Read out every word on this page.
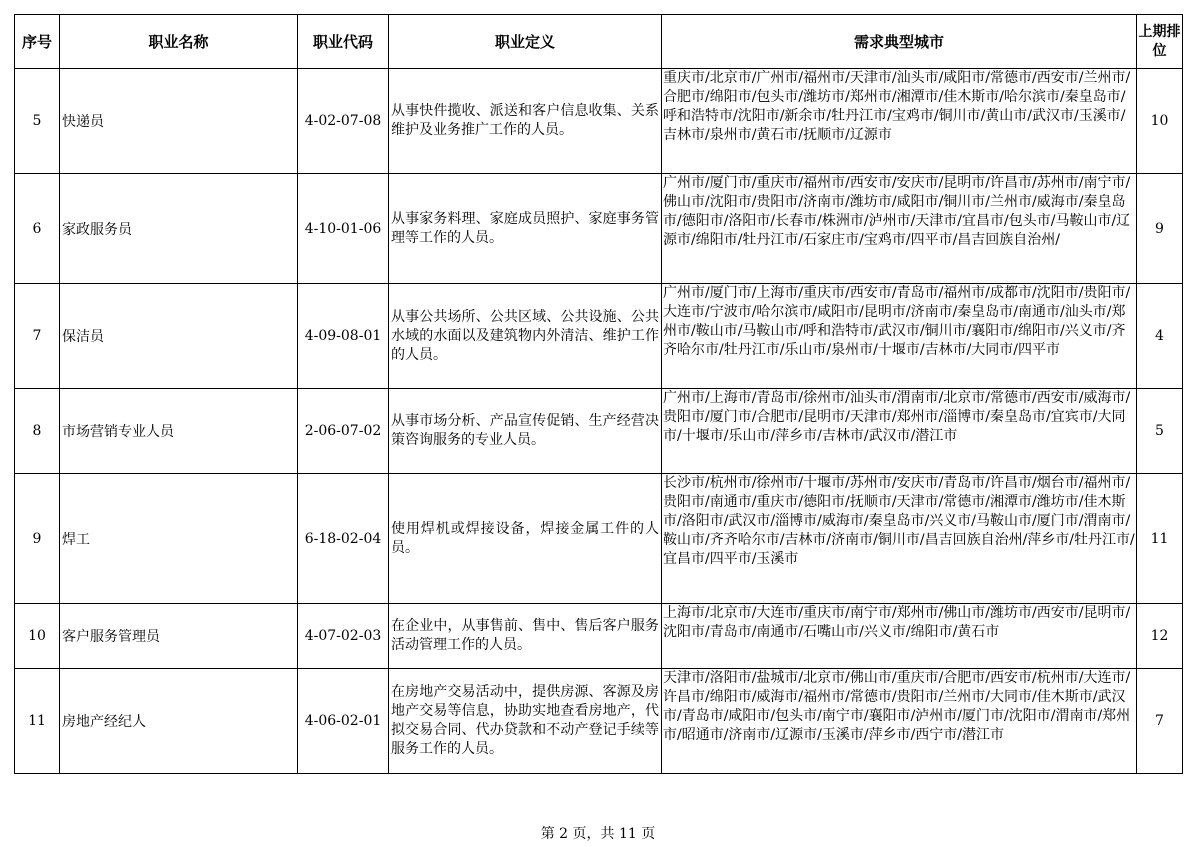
序号	职业名称	职业代码	职业定义	需求典型城市	上期排位
5	快递员	4-02-07-08	从事快件揽收、派送和客户信息收集、关系维护及业务推广工作的人员。	重庆市/北京市/广州市/福州市/天津市/汕头市/咸阳市/常德市/西安市/兰州市/合肥市/绵阳市/包头市/潍坊市/郑州市/湘潭市/佳木斯市/哈尔滨市/秦皇岛市/呼和浩特市/沈阳市/新余市/牡丹江市/宝鸡市/铜川市/黄山市/武汉市/玉溪市/吉林市/泉州市/黄石市/抚顺市/辽源市	10
6	家政服务员	4-10-01-06	从事家务料理、家庭成员照护、家庭事务管理等工作的人员。	广州市/厦门市/重庆市/福州市/西安市/安庆市/昆明市/许昌市/苏州市/南宁市/佛山市/沈阳市/贵阳市/济南市/潍坊市/咸阳市/铜川市/兰州市/威海市/秦皇岛市/德阳市/洛阳市/长春市/株洲市/泸州市/天津市/宜昌市/包头市/马鞍山市/辽源市/绵阳市/牡丹江市/石家庄市/宝鸡市/四平市/昌吉回族自治州/	9
7	保洁员	4-09-08-01	从事公共场所、公共区域、公共设施、公共水域的水面以及建筑物内外清洁、维护工作的人员。	广州市/厦门市/上海市/重庆市/西安市/青岛市/福州市/成都市/沈阳市/贵阳市/大连市/宁波市/哈尔滨市/咸阳市/昆明市/济南市/秦皇岛市/南通市/汕头市/郑州市/鞍山市/马鞍山市/呼和浩特市/武汉市/铜川市/襄阳市/绵阳市/兴义市/齐齐哈尔市/牡丹江市/乐山市/泉州市/十堰市/吉林市/大同市/四平市	4
8	市场营销专业人员	2-06-07-02	从事市场分析、产品宣传促销、生产经营决策咨询服务的专业人员。	广州市/上海市/青岛市/徐州市/汕头市/渭南市/北京市/常德市/西安市/威海市/贵阳市/厦门市/合肥市/昆明市/天津市/郑州市/淄博市/秦皇岛市/宜宾市/大同市/十堰市/乐山市/萍乡市/吉林市/武汉市/潜江市	5
9	焊工	6-18-02-04	使用焊机或焊接设备，焊接金属工件的人员。	长沙市/杭州市/徐州市/十堰市/苏州市/安庆市/青岛市/许昌市/烟台市/福州市/贵阳市/南通市/重庆市/德阳市/抚顺市/天津市/常德市/湘潭市/潍坊市/佳木斯市/洛阳市/武汉市/淄博市/威海市/秦皇岛市/兴义市/马鞍山市/厦门市/渭南市/鞍山市/齐齐哈尔市/吉林市/济南市/铜川市/昌吉回族自治州/萍乡市/牡丹江市/宜昌市/四平市/玉溪市	11
10	客户服务管理员	4-07-02-03	在企业中，从事售前、售中、售后客户服务活动管理工作的人员。	上海市/北京市/大连市/重庆市/南宁市/郑州市/佛山市/潍坊市/西安市/昆明市/沈阳市/青岛市/南通市/石嘴山市/兴义市/绵阳市/黄石市	12
11	房地产经纪人	4-06-02-01	在房地产交易活动中，提供房源、客源及房地产交易等信息，协助实地查看房地产，代拟交易合同、代办贷款和不动产登记手续等服务工作的人员。	天津市/洛阳市/盐城市/北京市/佛山市/重庆市/合肥市/西安市/杭州市/大连市/许昌市/绵阳市/威海市/福州市/常德市/贵阳市/兰州市/大同市/佳木斯市/武汉市/青岛市/咸阳市/包头市/南宁市/襄阳市/泸州市/厦门市/沈阳市/渭南市/郑州市/昭通市/济南市/辽源市/玉溪市/萍乡市/西宁市/潜江市	7
第 2 页，共 11 页
